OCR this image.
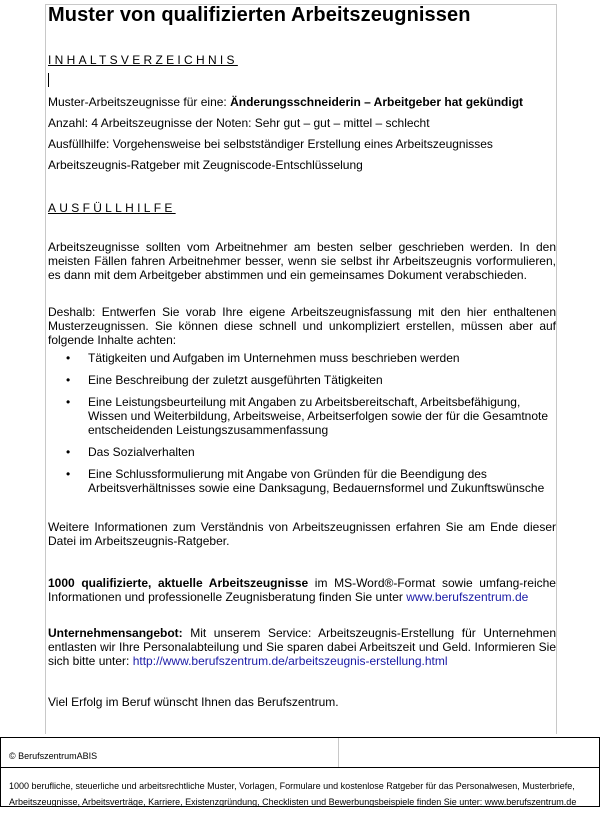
Muster von qualifizierten Arbeitszeugnissen
INHALTSVERZEICHNIS
Muster-Arbeitszeugnisse für eine: Änderungsschneiderin – Arbeitgeber hat gekündigt
Anzahl: 4 Arbeitszeugnisse der Noten: Sehr gut – gut – mittel – schlecht
Ausfüllhilfe: Vorgehensweise bei selbstständiger Erstellung eines Arbeitszeugnisses
Arbeitszeugnis-Ratgeber mit Zeugniscode-Entschlüsselung
AUSFÜLLHILFE

Arbeitszeugnisse sollten vom Arbeitnehmer am besten selber geschrieben werden. In den meisten Fällen fahren Arbeitnehmer besser, wenn sie selbst ihr Arbeitszeugnis vorformulieren, es dann mit dem Arbeitgeber abstimmen und ein gemeinsames Dokument verabschieden.

Deshalb: Entwerfen Sie vorab Ihre eigene Arbeitszeugnisfassung mit den hier enthaltenen Musterzeugnissen. Sie können diese schnell und unkompliziert erstellen, müssen aber auf folgende Inhalte achten:

• Tätigkeiten und Aufgaben im Unternehmen muss beschrieben werden
• Eine Beschreibung der zuletzt ausgeführten Tätigkeiten
• Eine Leistungsbeurteilung mit Angaben zu Arbeitsbereitschaft, Arbeitsbefähigung, Wissen und Weiterbildung, Arbeitsweise, Arbeitserfolgen sowie der für die Gesamtnote entscheidenden Leistungszusammenfassung
• Das Sozialverhalten
• Eine Schlussformulierung mit Angabe von Gründen für die Beendigung des Arbeitsverhältnisses sowie eine Danksagung, Bedauernsformel und Zukunftswünsche

Weitere Informationen zum Verständnis von Arbeitszeugnissen erfahren Sie am Ende dieser Datei im Arbeitszeugnis-Ratgeber.

1000 qualifizierte, aktuelle Arbeitszeugnisse im MS-Word®-Format sowie umfang-reiche Informationen und professionelle Zeugnisberatung finden Sie unter www.berufszentrum.de

Unternehmensangebot: Mit unserem Service: Arbeitszeugnis-Erstellung für Unternehmen entlasten wir Ihre Personalabteilung und Sie sparen dabei Arbeitszeit und Geld. Informieren Sie sich bitte unter: http://www.berufszentrum.de/arbeitszeugnis-erstellung.html

Viel Erfolg im Beruf wünscht Ihnen das Berufszentrum.
© BerufszentrumABIS
1000 berufliche, steuerliche und arbeitsrechtliche Muster, Vorlagen, Formulare und kostenlose Ratgeber für das Personalwesen, Musterbriefe, Arbeitszeugnisse, Arbeitsverträge, Karriere, Existenzgründung, Checklisten und Bewerbungsbeispiele finden Sie unter: www.berufszentrum.de
